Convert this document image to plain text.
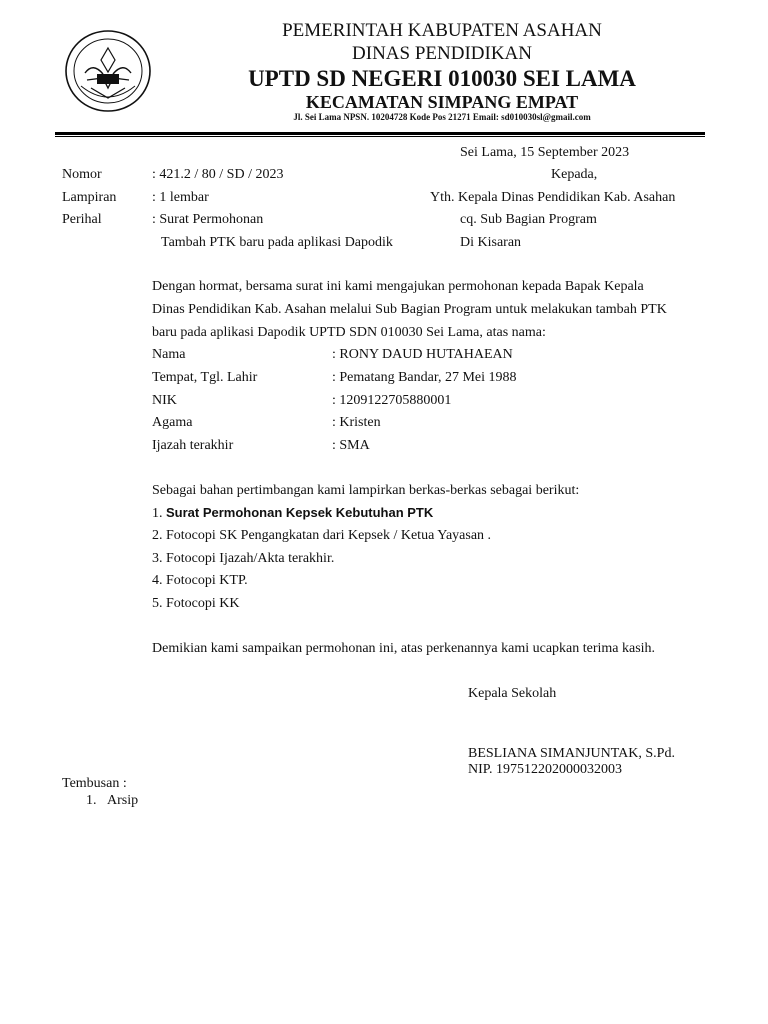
PEMERINTAH KABUPATEN ASAHAN
DINAS PENDIDIKAN
UPTD SD NEGERI 010030 SEI LAMA
KECAMATAN SIMPANG EMPAT
Jl. Sei Lama NPSN. 10204728 Kode Pos 21271 Email: sd010030sl@gmail.com
Sei Lama, 15 September 2023
Nomor	: 421.2 / 80 / SD / 2023
Lampiran	: 1 lembar
Perihal	: Surat Permohonan
Tambah PTK baru pada aplikasi Dapodik
Kepada,
Yth. Kepala Dinas Pendidikan Kab. Asahan
cq. Sub Bagian Program
Di Kisaran
Dengan hormat, bersama surat ini kami mengajukan permohonan kepada Bapak Kepala
Dinas Pendidikan Kab. Asahan melalui Sub Bagian Program untuk melakukan tambah PTK
baru pada aplikasi Dapodik UPTD SDN 010030 Sei Lama, atas nama:
Nama	: RONY DAUD HUTAHAEAN
Tempat, Tgl. Lahir	: Pematang Bandar, 27 Mei 1988
NIK	: 1209122705880001
Agama	: Kristen
Ijazah terakhir	: SMA
Sebagai bahan pertimbangan kami lampirkan berkas-berkas sebagai berikut:
1. Surat Permohonan Kepsek Kebutuhan PTK
2. Fotocopi SK Pengangkatan dari Kepsek / Ketua Yayasan .
3. Fotocopi Ijazah/Akta terakhir.
4. Fotocopi KTP.
5. Fotocopi KK
Demikian kami sampaikan permohonan ini, atas perkenannya kami ucapkan terima kasih.
Kepala Sekolah
BESLIANA SIMANJUNTAK, S.Pd.
NIP. 197512202000032003
Tembusan :
1. Arsip
